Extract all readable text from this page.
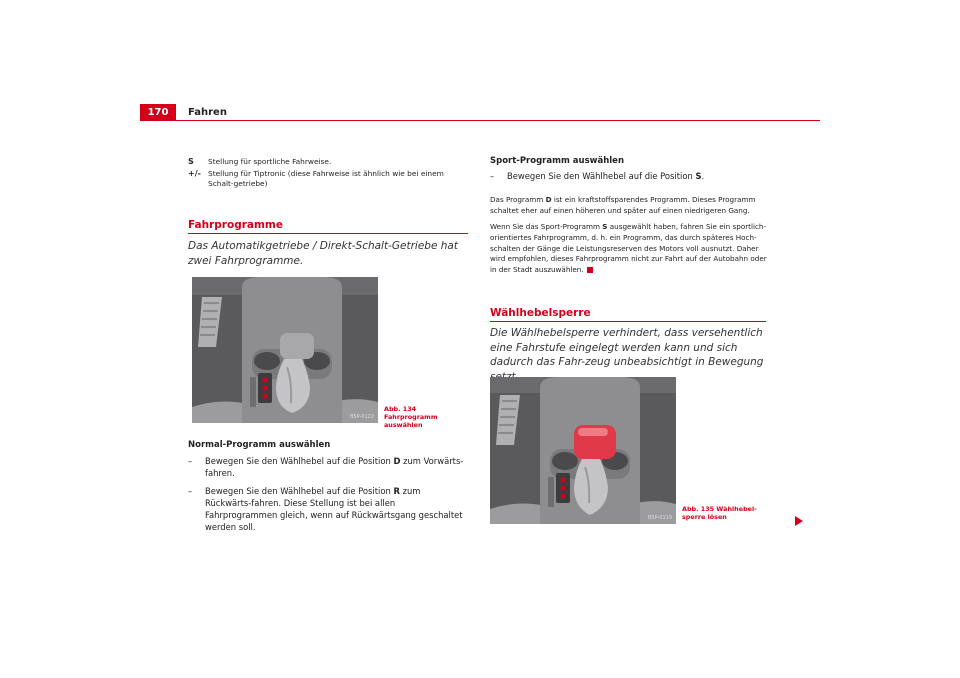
170	Fahren
S	Stellung für sportliche Fahrweise.
+/- Stellung für Tiptronic (diese Fahrweise ist ähnlich wie bei einem Schalt-getriebe)
Fahrprogramme
Das Automatikgetriebe / Direkt-Schalt-Getriebe hat zwei Fahrprogramme.
B5P-0122
Abb. 134 Fahrprogramm auswählen
Normal-Programm auswählen
–	Bewegen Sie den Wählhebel auf die Position D zum Vorwärts-fahren.
–	Bewegen Sie den Wählhebel auf die Position R zum Rückwärts-fahren. Diese Stellung ist bei allen Fahrprogrammen gleich, wenn auf Rückwärtsgang geschaltet werden soll.
Sport-Programm auswählen
–	Bewegen Sie den Wählhebel auf die Position S.
Das Programm D ist ein kraftstoffsparendes Programm. Dieses Programm schaltet eher auf einen höheren und später auf einen niedrigeren Gang.
Wenn Sie das Sport-Programm S ausgewählt haben, fahren Sie ein sportlich-orientiertes Fahrprogramm, d. h. ein Programm, das durch späteres Hoch-schalten der Gänge die Leistungsreserven des Motors voll ausnutzt. Daher wird empfohlen, dieses Fahrprogramm nicht zur Fahrt auf der Autobahn oder in der Stadt auszuwählen.
Wählhebelsperre
Die Wählhebelsperre verhindert, dass versehentlich eine Fahrstufe eingelegt werden kann und sich dadurch das Fahr-zeug unbeabsichtigt in Bewegung
B5P-0119
Abb. 135 Wählhebel-sperre lösen
